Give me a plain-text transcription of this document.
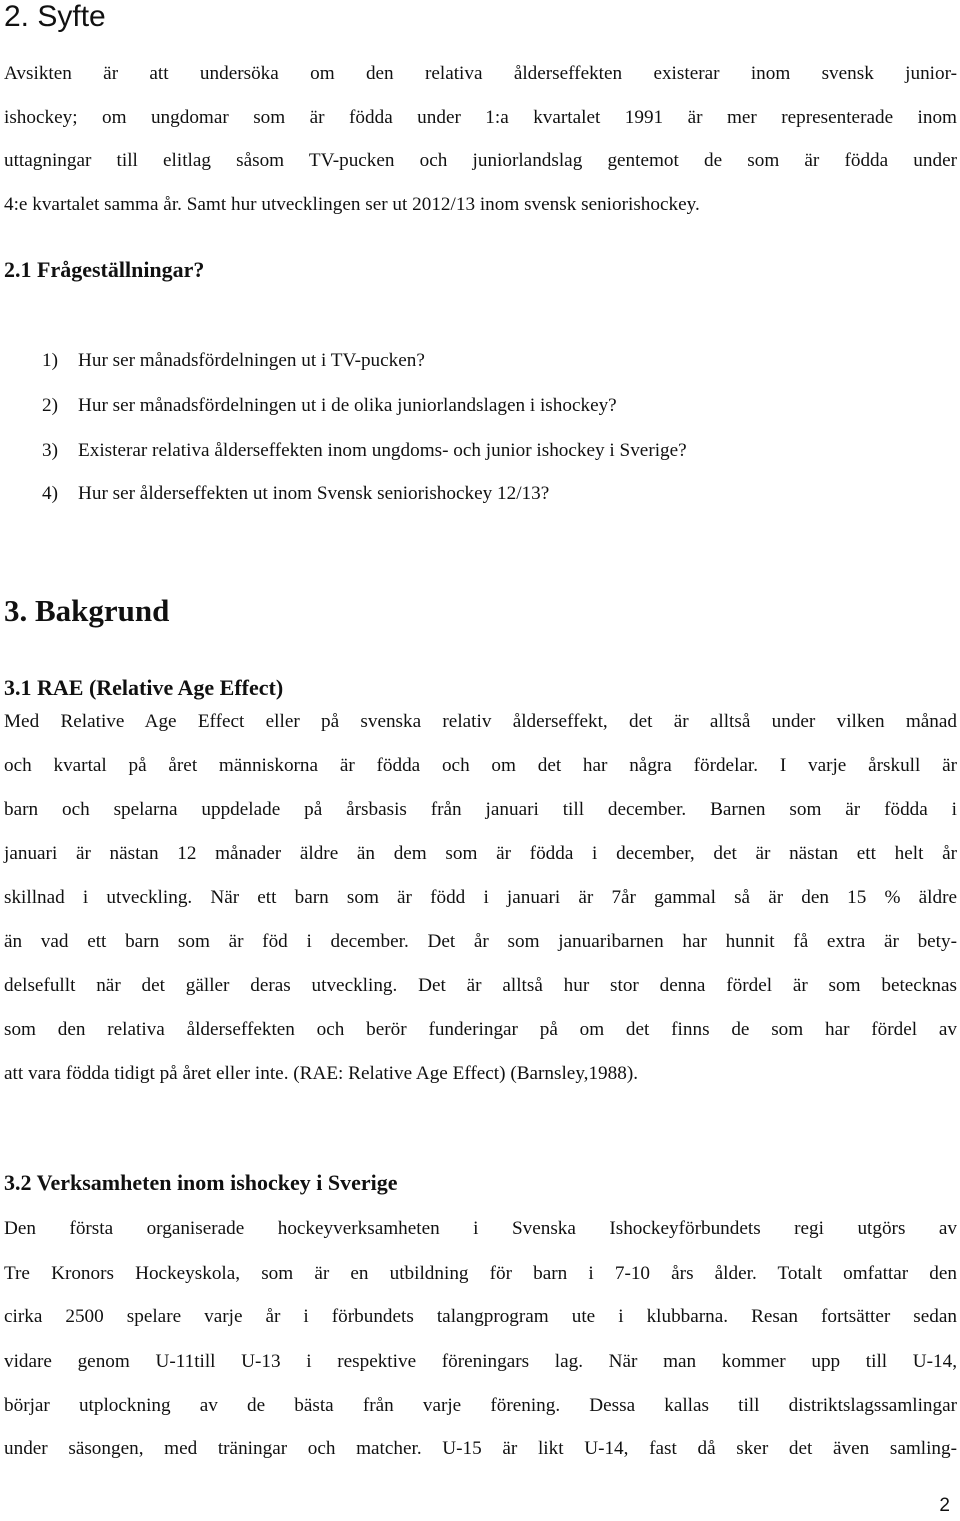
2. Syfte
Avsikten är att undersöka om den relativa ålderseffekten existerar inom svensk junior-
ishockey; om ungdomar som är födda under 1:a kvartalet 1991 är mer representerade inom
uttagningar till elitlag såsom TV-pucken och juniorlandslag gentemot de som är födda under
4:e kvartalet samma år. Samt hur utvecklingen ser ut 2012/13 inom svensk seniorishockey.
2.1 Frågeställningar?
1) Hur ser månadsfördelningen ut i TV-pucken?
2) Hur ser månadsfördelningen ut i de olika juniorlandslagen i ishockey?
3) Existerar relativa ålderseffekten inom ungdoms- och junior ishockey i Sverige?
4) Hur ser ålderseffekten ut inom Svensk seniorishockey 12/13?
3. Bakgrund
3.1 RAE (Relative Age Effect)
Med Relative Age Effect eller på svenska relativ ålderseffekt, det är alltså under vilken månad
och kvartal på året människorna är födda och om det har några fördelar. I varje årskull är
barn och spelarna uppdelade på årsbasis från januari till december. Barnen som är födda i
januari är nästan 12 månader äldre än dem som är födda i december, det är nästan ett helt år
skillnad i utveckling. När ett barn som är född i januari är 7år gammal så är den 15 % äldre
än vad ett barn som är föd i december. Det år som januaribarnen har hunnit få extra är bety-
delsefullt när det gäller deras utveckling. Det är alltså hur stor denna fördel är som betecknas
som den relativa ålderseffekten och berör funderingar på om det finns de som har fördel av
att vara födda tidigt på året eller inte. (RAE: Relative Age Effect) (Barnsley,1988).
3.2 Verksamheten inom ishockey i Sverige
Den första organiserade hockeyverksamheten i Svenska Ishockeyförbundets regi utgörs av
Tre Kronors Hockeyskola, som är en utbildning för barn i 7-10 års ålder. Totalt omfattar den
cirka 2500 spelare varje år i förbundets talangprogram ute i klubbarna. Resan fortsätter sedan
vidare genom U-11till U-13 i respektive föreningars lag. När man kommer upp till U-14,
börjar utplockning av de bästa från varje förening. Dessa kallas till distriktslagssamlingar
under säsongen, med träningar och matcher. U-15 är likt U-14, fast då sker det även samling-
2
